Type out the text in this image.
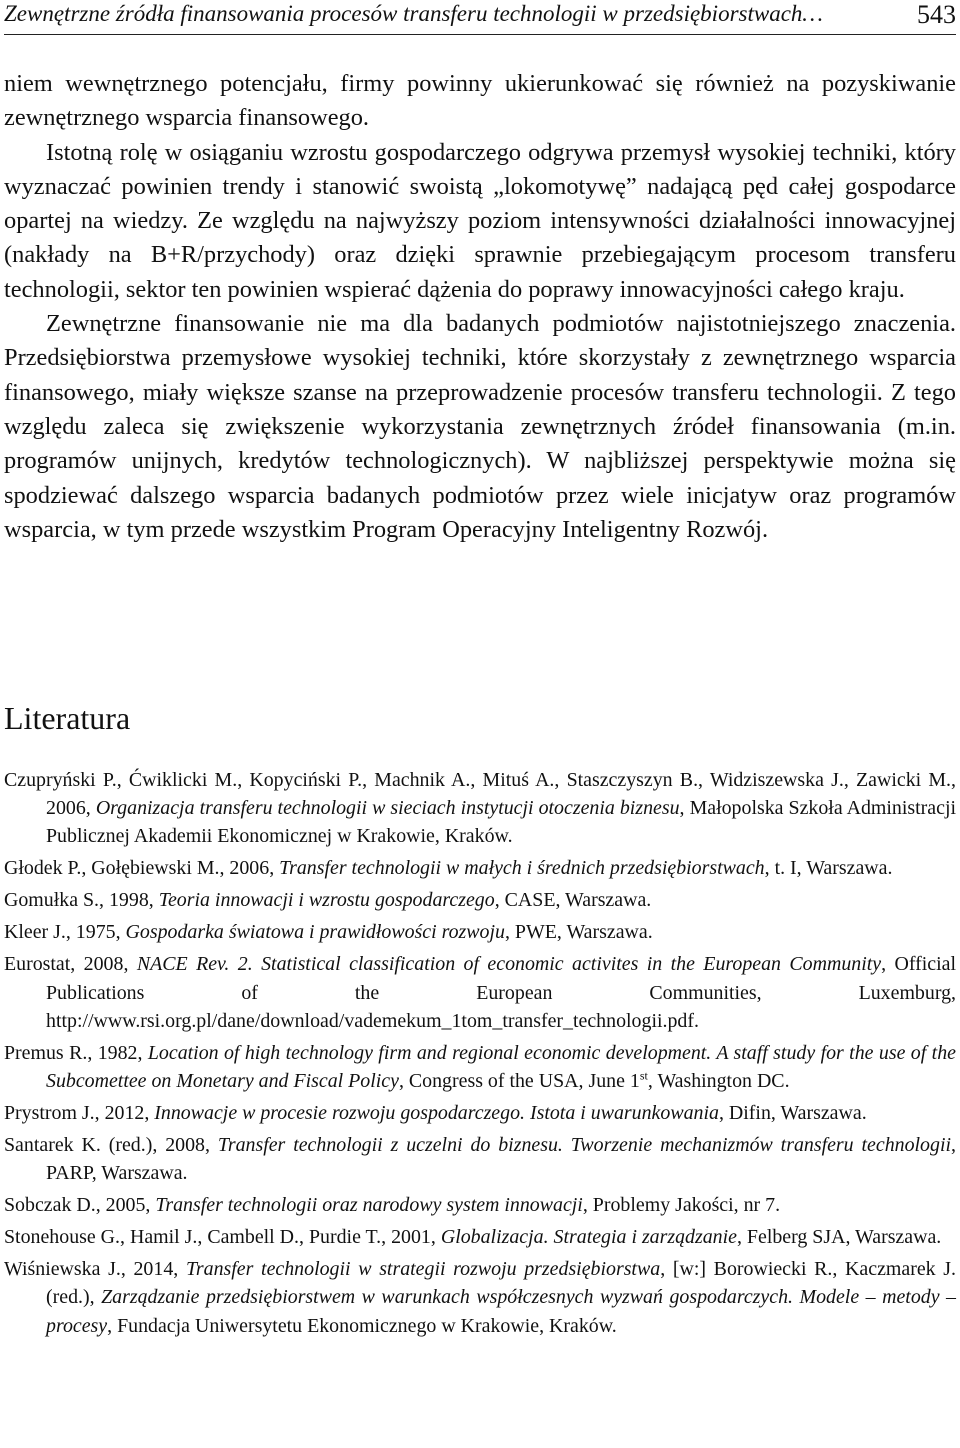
Zewnętrzne źródła finansowania procesów transferu technologii w przedsiębiorstwach…	543

niem wewnętrznego potencjału, firmy powinny ukierunkować się również na pozyskiwanie zewnętrznego wsparcia finansowego.

Istotną rolę w osiąganiu wzrostu gospodarczego odgrywa przemysł wysokiej techniki, który wyznaczać powinien trendy i stanowić swoistą „lokomotywę” nadającą pęd całej gospodarce opartej na wiedzy. Ze względu na najwyższy poziom intensywności działalności innowacyjnej (nakłady na B+R/przychody) oraz dzięki sprawnie przebiegającym procesom transferu technologii, sektor ten powinien wspierać dążenia do poprawy innowacyjności całego kraju.

Zewnętrzne finansowanie nie ma dla badanych podmiotów najistotniejszego znaczenia. Przedsiębiorstwa przemysłowe wysokiej techniki, które skorzystały z zewnętrznego wsparcia finansowego, miały większe szanse na przeprowadzenie procesów transferu technologii. Z tego względu zaleca się zwiększenie wykorzystania zewnętrznych źródeł finansowania (m.in. programów unijnych, kredytów technologicznych). W najbliższej perspektywie można się spodziewać dalszego wsparcia badanych podmiotów przez wiele inicjatyw oraz programów wsparcia, w tym przede wszystkim Program Operacyjny Inteligentny Rozwój.

Literatura
Czupryński P., Ćwiklicki M., Kopyciński P., Machnik A., Mituś A., Staszczyszyn B., Widziszewska J., Zawicki M., 2006, Organizacja transferu technologii w sieciach instytucji otoczenia biznesu, Małopolska Szkoła Administracji Publicznej Akademii Ekonomicznej w Krakowie, Kraków.
Głodek P., Gołębiewski M., 2006, Transfer technologii w małych i średnich przedsiębiorstwach, t. I, Warszawa.
Gomułka S., 1998, Teoria innowacji i wzrostu gospodarczego, CASE, Warszawa.
Kleer J., 1975, Gospodarka światowa i prawidłowości rozwoju, PWE, Warszawa.
Eurostat, 2008, NACE Rev. 2. Statistical classification of economic activites in the European Community, Official Publications of the European Communities, Luxemburg, http://www.rsi.org.pl/dane/download/vademekum_1tom_transfer_technologii.pdf.
Premus R., 1982, Location of high technology firm and regional economic development. A staff study for the use of the Subcomettee on Monetary and Fiscal Policy, Congress of the USA, June 1st, Washington DC.
Prystrom J., 2012, Innowacje w procesie rozwoju gospodarczego. Istota i uwarunkowania, Difin, Warszawa.
Santarek K. (red.), 2008, Transfer technologii z uczelni do biznesu. Tworzenie mechanizmów transferu technologii, PARP, Warszawa.
Sobczak D., 2005, Transfer technologii oraz narodowy system innowacji, Problemy Jakości, nr 7.
Stonehouse G., Hamil J., Cambell D., Purdie T., 2001, Globalizacja. Strategia i zarządzanie, Felberg SJA, Warszawa.
Wiśniewska J., 2014, Transfer technologii w strategii rozwoju przedsiębiorstwa, [w:] Borowiecki R., Kaczmarek J. (red.), Zarządzanie przedsiębiorstwem w warunkach współczesnych wyzwań gospodarczych. Modele – metody – procesy, Fundacja Uniwersytetu Ekonomicznego w Krakowie, Kraków.
